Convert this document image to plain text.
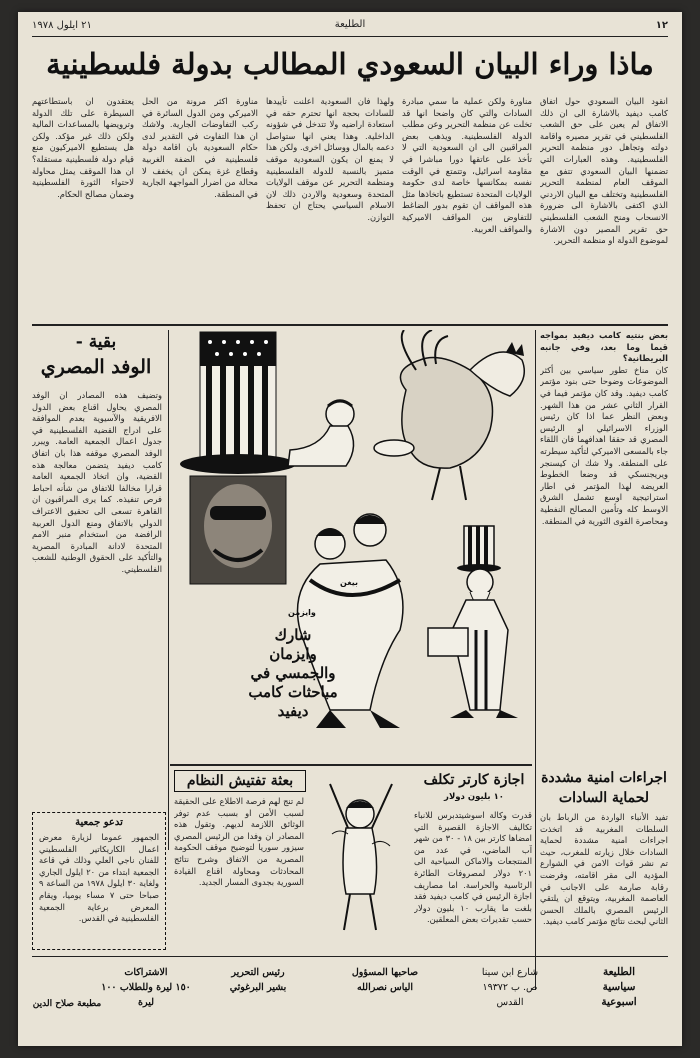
١٢
الطليعة
٢١ ايلول ١٩٧٨
ماذا وراء البيان السعودي المطالب بدولة فلسطينية

انقود البيان السعودي حول اتفاق كامب ديفيد بالاشارة الى ان ذلك الاتفاق لم يعين على حق الشعب الفلسطيني في تقرير مصيره واقامة دولته وتجاهل دور منظمة التحرير الفلسطينية. وهذه العبارات التي تضمنها البيان السعودي تتفق مع الموقف العام لمنظمة التحرير الفلسطينية وتختلف مع البيان الاردني الذي اكتفى بالاشارة الى ضرورة الانسحاب ومنح الشعب الفلسطيني حق تقرير المصير دون الاشارة لموضوع الدولة او منظمة التحرير.

مناورة ولكن عملية ما سمي مبادرة السادات والتي كان واضحا انها قد تخلت عن منظمة التحرير وعن مطلب الدولة الفلسطينية. ويذهب بعض المراقبين الى ان السعودية التي لا تأخذ على عاتقها دورا مباشرا في مقاومة اسرائيل، وتتمتع في الوقت نفسه بمكانسها خاصة لدى حكومة الولايات المتحدة تستطيع باتخاذها مثل هذه المواقف ان تقوم بدور الضاغط للتفاوض بين المواقف الاميركية والمواقف العربية.

ولهذا فان السعودية اعلنت تأييدها للسادات بحجة انها تحترم حقه في استعادة اراضيه ولا تتدخل في شؤونه الداخلية. وهذا يعني انها ستواصل دعمه بالمال ووسائل اخرى. ولكن هذا لا يمنع ان يكون السعودية موقف متميز بالنسبة للدولة الفلسطينية ومنظمة التحرير عن موقف الولايات المتحدة وسعودية والاردن ذلك لان الاسلام السياسي يحتاج ان تحفظ التوازن.

مناورة اكثر مرونة من الحل الاميركي ومن الدول السائرة في ركب التفاوضات الجارية. ولاشك ان هذا التفاوت في التقدير لدى حكام السعودية بان اقامة دولة فلسطينية في الضفة الغربية وقطاع غزة يمكن ان يخفف لا محالة من اضرار المواجهة الجارية في المنطقة.

يعتقدون ان باستطاعتهم السيطرة على تلك الدولة وترويضها بالمساعدات المالية ولكن ذلك غير مؤكد. ولكن هل يستطيع الاميركيون منع قيام دولة فلسطينية مستقلة؟ ان هذا الموقف يمثل محاولة لاحتواء الثورة الفلسطينية وضمان مصالح الحكام.

بعض بنتيه كامب ديفيد بمواجه قيما وما بعد، وفي جانبه البريطانية؟

كان مناخ تطور سياسي بين أكثر الموضوعات وضوحا حتى بنود مؤتمر كامب ديفيد. وقد كان مؤتمر فيما في القرار الثاني عشر من هذا الشهر. وبعض النظر عما اذا كان رئيس الوزراء الاسرائيلي او الرئيس المصري قد حققا اهدافهما فان اللقاء جاء بالمسعى الاميركي لتأكيد سيطرته على المنطقة. ولا شك ان كيسنجر ويريجنسكي قد وضعا الخطوط العريضة لهذا المؤتمر في اطار استراتيجية اوسع تشمل الشرق الاوسط كله وتأمين المصالح النفطية ومحاصرة القوى الثورية في المنطقة.

بقية -
الوفد المصري

وتضيف هذه المصادر ان الوفد المصري يحاول اقناع بعض الدول الافريقية والآسيوية بعدم الموافقة على ادراج القضية الفلسطينية في جدول اعمال الجمعية العامة. ويبرر الوفد المصري موقفه هذا بان اتفاق كامب ديفيد يتضمن معالجة هذه القضية، وان اتخاذ الجمعية العامة قرارا مخالفا للاتفاق من شأنه احباط فرص تنفيذه. كما يرى المراقبون ان القاهرة تسعى الى تحقيق الاعتراف الدولي بالاتفاق ومنع الدول العربية الرافضة من استخدام منبر الامم المتحدة لادانة المبادرة المصرية والتأكيد على الحقوق الوطنية للشعب الفلسطيني.

شارك
وايزمان
والجمسي في
مباحثات كامب ديفيد
بيغن
وايزمن
بعثة تفتيش النظام

لم تنج لهم فرصة الاطلاع على الحقيقة لسبب الأمن او بسبب عدم توفر الوثائق اللازمة لديهم. وتقول هذه المصادر ان وفدا من الرئيس المصري سيزور سوريا لتوضيح موقف الحكومة المصرية من الاتفاق وشرح نتائج المحادثات ومحاولة اقناع القيادة السورية بجدوى المسار الجديد.

اجازة كارتر تكلف
١٠ بليون دولار

قدرت وكالة اسوشيتدبرس للانباء تكاليف الاجازة القصيرة التي امضاها كارتر بين ١٨ - ٣٠ من شهر آب الماضي، في عدد من المنتجعات والاماكن السياحية الى ٢٠١ دولار لمصروفات الطائرة الرئاسية والحراسة. اما مصاريف اجازة الرئيس في كامب ديفيد فقد بلغت ما يقارب ١٠ بليون دولار حسب تقديرات بعض المعلقين.

اجراءات امنية مشددة
لحماية السادات

تفيد الأنباء الواردة من الرباط بان السلطات المغربية قد اتخذت اجراءات امنية مشددة لحماية السادات خلال زيارته للمغرب، حيث تم نشر قوات الامن في الشوارع المؤدية الى مقر اقامته، وفرضت رقابة صارمة على الاجانب في العاصمة المغربية، ويتوقع ان يلتقي الرئيس المصري بالملك الحسن الثاني لبحث نتائج مؤتمر كامب ديفيد.

تدعو جمعية

الجمهور عموما لزيارة معرض اعمال الكاريكاتير الفلسطيني للفنان ناجي العلي وذلك في قاعة الجمعية ابتداء من ٢٠ ايلول الجاري ولغاية ٣٠ ايلول ١٩٧٨ من الساعة ٩ صباحا حتى ٧ مساء يوميا، ويقام المعرض برعاية الجمعية الفلسطينية في القدس.

الطليعة
سياسية
اسبوعية
شارع ابن سينا
ص. ب ١٩٣٧٢
القدس
صاحبها المسؤول
الياس نصرالله
رئيس التحرير
بشير البرغوثي
الاشتراكات
١٥٠ ليرة وللطلاب ١٠٠ ليرة
مطبعة صلاح الدين
